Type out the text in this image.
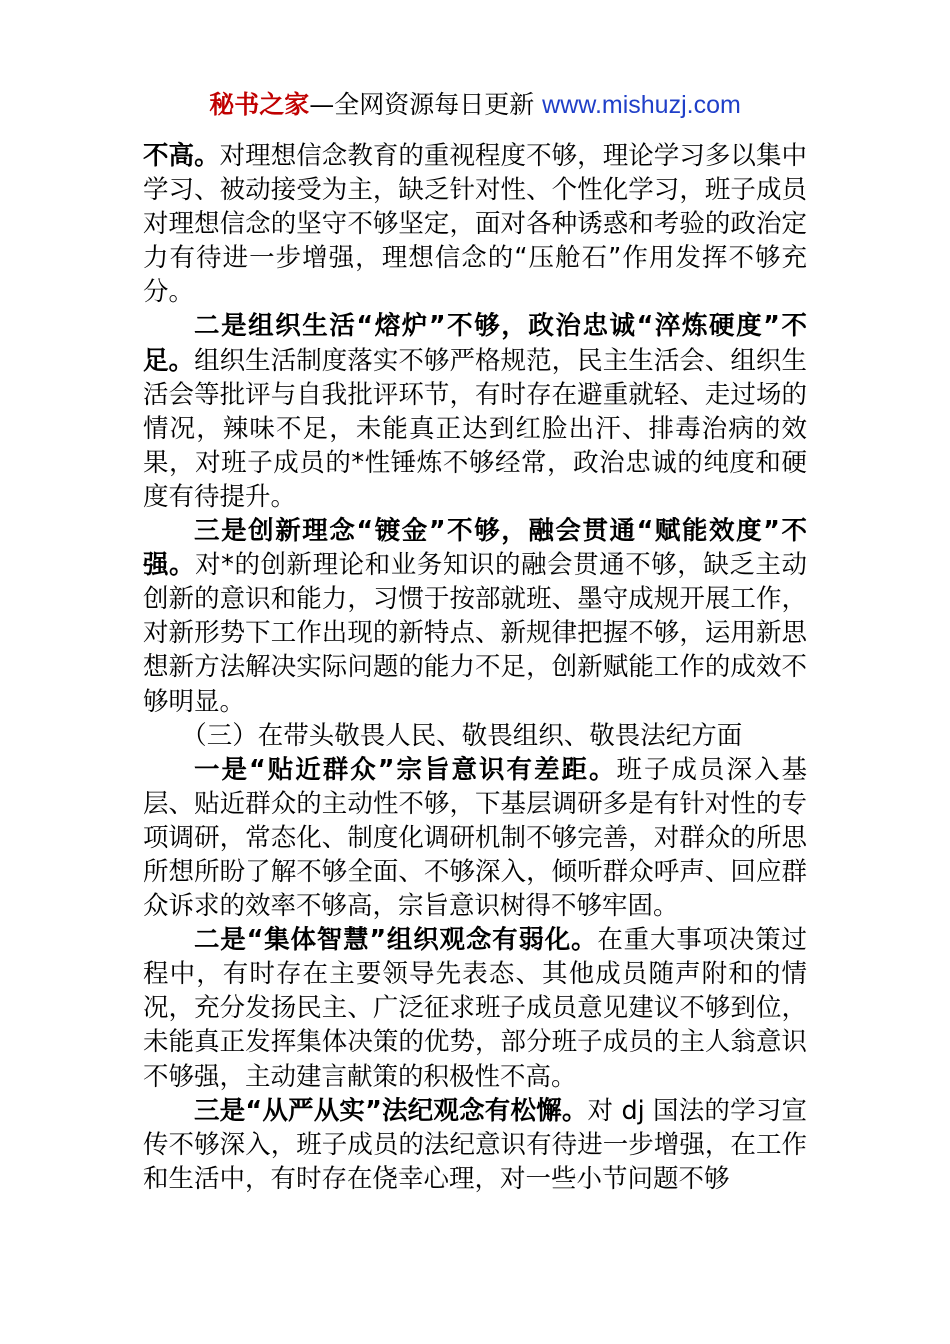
秘书之家—全网资源每日更新 www.mishuzj.com

不高。对理想信念教育的重视程度不够，理论学习多以集中学习、被动接受为主，缺乏针对性、个性化学习，班子成员对理想信念的坚守不够坚定，面对各种诱惑和考验的政治定力有待进一步增强，理想信念的“压舱石”作用发挥不够充分。

二是组织生活“熔炉”不够，政治忠诚“淬炼硬度”不足。组织生活制度落实不够严格规范，民主生活会、组织生活会等批评与自我批评环节，有时存在避重就轻、走过场的情况，辣味不足，未能真正达到红脸出汗、排毒治病的效果，对班子成员的*性锤炼不够经常，政治忠诚的纯度和硬度有待提升。

三是创新理念“镀金”不够，融会贯通“赋能效度”不强。对*的创新理论和业务知识的融会贯通不够，缺乏主动创新的意识和能力，习惯于按部就班、墨守成规开展工作，对新形势下工作出现的新特点、新规律把握不够，运用新思想新方法解决实际问题的能力不足，创新赋能工作的成效不够明显。

（三）在带头敬畏人民、敬畏组织、敬畏法纪方面

一是“贴近群众”宗旨意识有差距。班子成员深入基层、贴近群众的主动性不够，下基层调研多是有针对性的专项调研，常态化、制度化调研机制不够完善，对群众的所思所想所盼了解不够全面、不够深入，倾听群众呼声、回应群众诉求的效率不够高，宗旨意识树得不够牢固。

二是“集体智慧”组织观念有弱化。在重大事项决策过程中，有时存在主要领导先表态、其他成员随声附和的情况，充分发扬民主、广泛征求班子成员意见建议不够到位，未能真正发挥集体决策的优势，部分班子成员的主人翁意识不够强，主动建言献策的积极性不高。

三是“从严从实”法纪观念有松懈。对 dj 国法的学习宣传不够深入，班子成员的法纪意识有待进一步增强，在工作和生活中，有时存在侥幸心理，对一些小节问题不够
